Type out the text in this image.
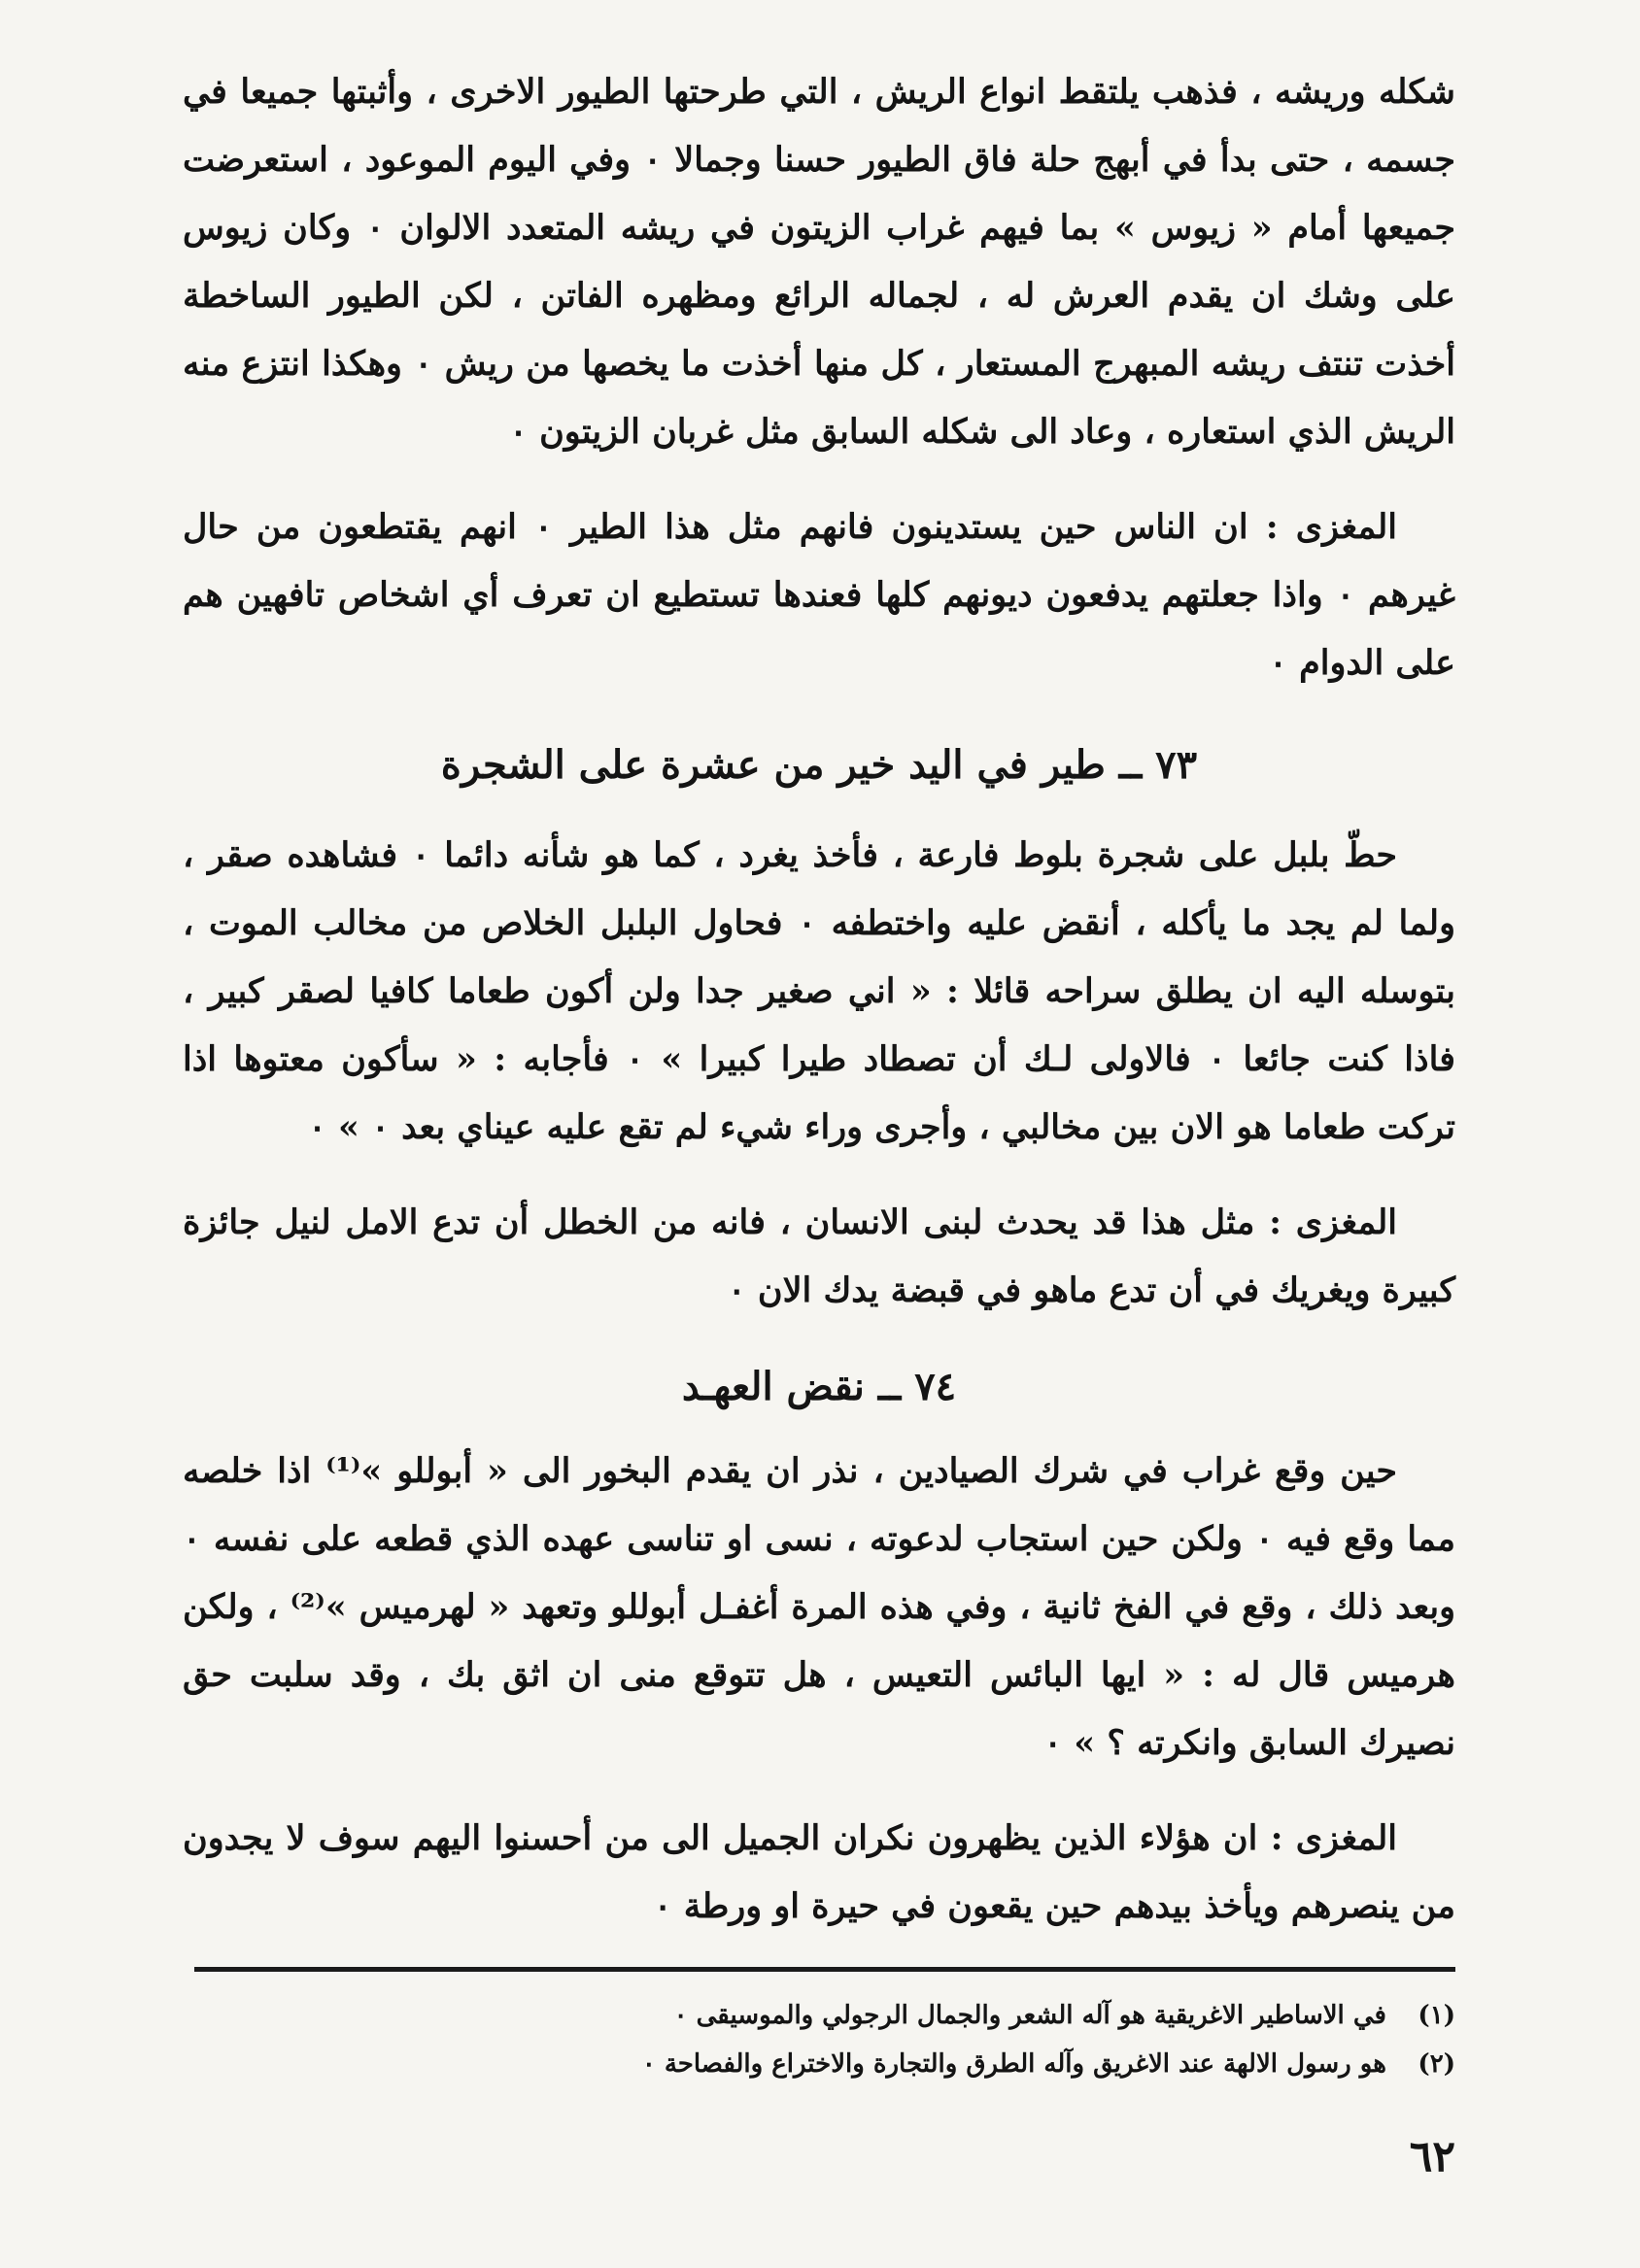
شكله وريشه ، فذهب يلتقط انواع الريش ، التي طرحتها الطيور الاخرى ، وأثبتها جميعا في جسمه ، حتى بدأ في أبهج حلة فاق الطيور حسنا وجمالا ٠ وفي اليوم الموعود ، استعرضت جميعها أمام « زيوس » بما فيهم غراب الزيتون في ريشه المتعدد الالوان ٠ وكان زيوس على وشك ان يقدم العرش له ، لجماله الرائع ومظهره الفاتن ، لكن الطيور الساخطة أخذت تنتف ريشه المبهرج المستعار ، كل منها أخذت ما يخصها من ريش ٠ وهكذا انتزع منه الريش الذي استعاره ، وعاد الى شكله السابق مثل غربان الزيتون ٠

المغزى : ان الناس حين يستدينون فانهم مثل هذا الطير ٠ انهم يقتطعون من حال غيرهم ٠ واذا جعلتهم يدفعون ديونهم كلها فعندها تستطيع ان تعرف أي اشخاص تافهين هم على الدوام ٠

٧٣ ــ طير في اليد خير من عشرة على الشجرة

حطّ بلبل على شجرة بلوط فارعة ، فأخذ يغرد ، كما هو شأنه دائما ٠ فشاهده صقر ، ولما لم يجد ما يأكله ، أنقض عليه واختطفه ٠ فحاول البلبل الخلاص من مخالب الموت ، بتوسله اليه ان يطلق سراحه قائلا : « اني صغير جدا ولن أكون طعاما كافيا لصقر كبير ، فاذا كنت جائعا ٠ فالاولى لـك أن تصطاد طيرا كبيرا » ٠ فأجابه : « سأكون معتوها اذا تركت طعاما هو الان بين مخالبي ، وأجرى وراء شيء لم تقع عليه عيناي بعد ٠ » ٠

المغزى : مثل هذا قد يحدث لبنى الانسان ، فانه من الخطل أن تدع الامل لنيل جائزة كبيرة ويغريك في أن تدع ماهو في قبضة يدك الان ٠

٧٤ ــ نقض العهـد

حين وقع غراب في شرك الصيادين ، نذر ان يقدم البخور الى « أبوللو »⁽¹⁾ اذا خلصه مما وقع فيه ٠ ولكن حين استجاب لدعوته ، نسى او تناسى عهده الذي قطعه على نفسه ٠ وبعد ذلك ، وقع في الفخ ثانية ، وفي هذه المرة أغفـل أبوللو وتعهد « لهرميس »⁽²⁾ ، ولكن هرميس قال له : « ايها البائس التعيس ، هل تتوقع منى ان اثق بك ، وقد سلبت حق نصيرك السابق وانكرته ؟ » ٠

المغزى : ان هؤلاء الذين يظهرون نكران الجميل الى من أحسنوا اليهم سوف لا يجدون من ينصرهم ويأخذ بيدهم حين يقعون في حيرة او ورطة ٠

(١) في الاساطير الاغريقية هو آله الشعر والجمال الرجولي والموسيقى ٠

(٢) هو رسول الالهة عند الاغريق وآله الطرق والتجارة والاختراع والفصاحة ٠

٦٢
